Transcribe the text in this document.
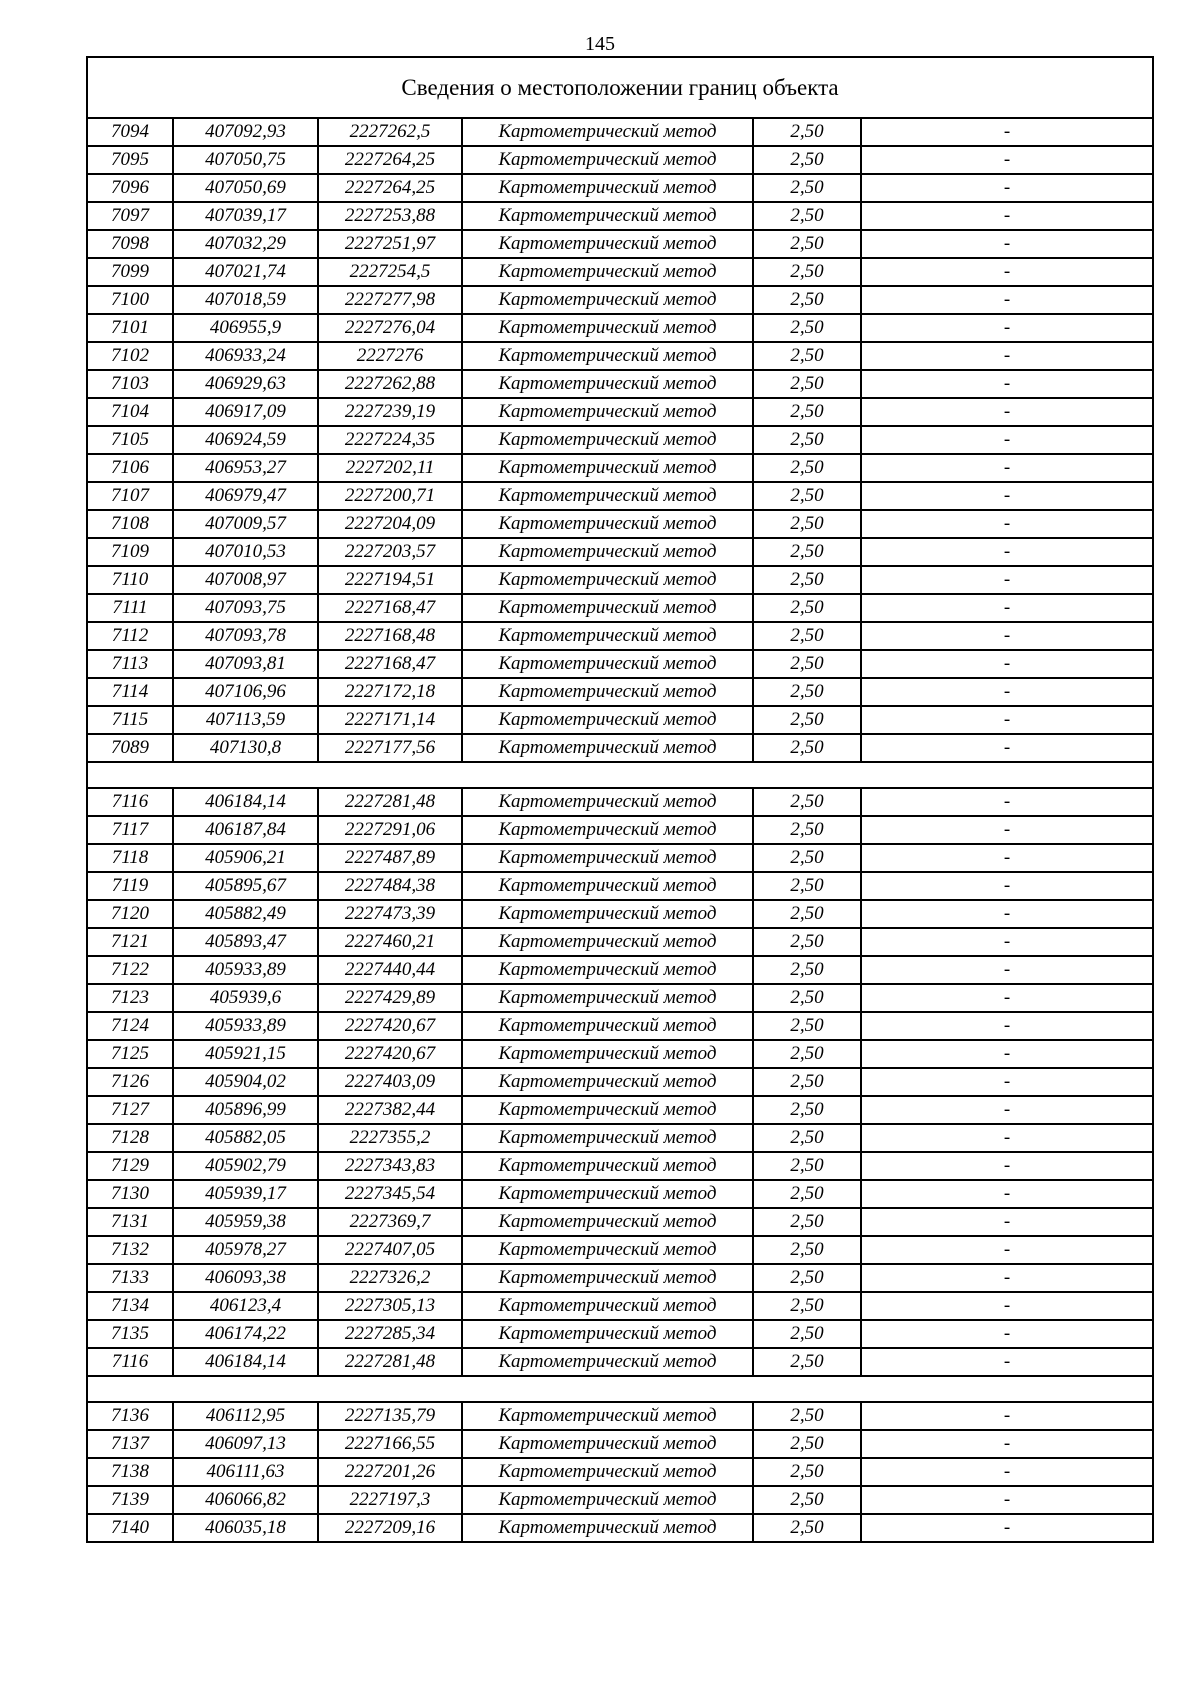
145
Сведения о местоположении границ объекта					
7094	407092,93	2227262,5	Картометрический метод	2,50	-
7095	407050,75	2227264,25	Картометрический метод	2,50	-
7096	407050,69	2227264,25	Картометрический метод	2,50	-
7097	407039,17	2227253,88	Картометрический метод	2,50	-
7098	407032,29	2227251,97	Картометрический метод	2,50	-
7099	407021,74	2227254,5	Картометрический метод	2,50	-
7100	407018,59	2227277,98	Картометрический метод	2,50	-
7101	406955,9	2227276,04	Картометрический метод	2,50	-
7102	406933,24	2227276	Картометрический метод	2,50	-
7103	406929,63	2227262,88	Картометрический метод	2,50	-
7104	406917,09	2227239,19	Картометрический метод	2,50	-
7105	406924,59	2227224,35	Картометрический метод	2,50	-
7106	406953,27	2227202,11	Картометрический метод	2,50	-
7107	406979,47	2227200,71	Картометрический метод	2,50	-
7108	407009,57	2227204,09	Картометрический метод	2,50	-
7109	407010,53	2227203,57	Картометрический метод	2,50	-
7110	407008,97	2227194,51	Картометрический метод	2,50	-
7111	407093,75	2227168,47	Картометрический метод	2,50	-
7112	407093,78	2227168,48	Картометрический метод	2,50	-
7113	407093,81	2227168,47	Картометрический метод	2,50	-
7114	407106,96	2227172,18	Картометрический метод	2,50	-
7115	407113,59	2227171,14	Картометрический метод	2,50	-
7089	407130,8	2227177,56	Картометрический метод	2,50	-

7116	406184,14	2227281,48	Картометрический метод	2,50	-
7117	406187,84	2227291,06	Картометрический метод	2,50	-
7118	405906,21	2227487,89	Картометрический метод	2,50	-
7119	405895,67	2227484,38	Картометрический метод	2,50	-
7120	405882,49	2227473,39	Картометрический метод	2,50	-
7121	405893,47	2227460,21	Картометрический метод	2,50	-
7122	405933,89	2227440,44	Картометрический метод	2,50	-
7123	405939,6	2227429,89	Картометрический метод	2,50	-
7124	405933,89	2227420,67	Картометрический метод	2,50	-
7125	405921,15	2227420,67	Картометрический метод	2,50	-
7126	405904,02	2227403,09	Картометрический метод	2,50	-
7127	405896,99	2227382,44	Картометрический метод	2,50	-
7128	405882,05	2227355,2	Картометрический метод	2,50	-
7129	405902,79	2227343,83	Картометрический метод	2,50	-
7130	405939,17	2227345,54	Картометрический метод	2,50	-
7131	405959,38	2227369,7	Картометрический метод	2,50	-
7132	405978,27	2227407,05	Картометрический метод	2,50	-
7133	406093,38	2227326,2	Картометрический метод	2,50	-
7134	406123,4	2227305,13	Картометрический метод	2,50	-
7135	406174,22	2227285,34	Картометрический метод	2,50	-
7116	406184,14	2227281,48	Картометрический метод	2,50	-

7136	406112,95	2227135,79	Картометрический метод	2,50	-
7137	406097,13	2227166,55	Картометрический метод	2,50	-
7138	406111,63	2227201,26	Картометрический метод	2,50	-
7139	406066,82	2227197,3	Картометрический метод	2,50	-
7140	406035,18	2227209,16	Картометрический метод	2,50	-
